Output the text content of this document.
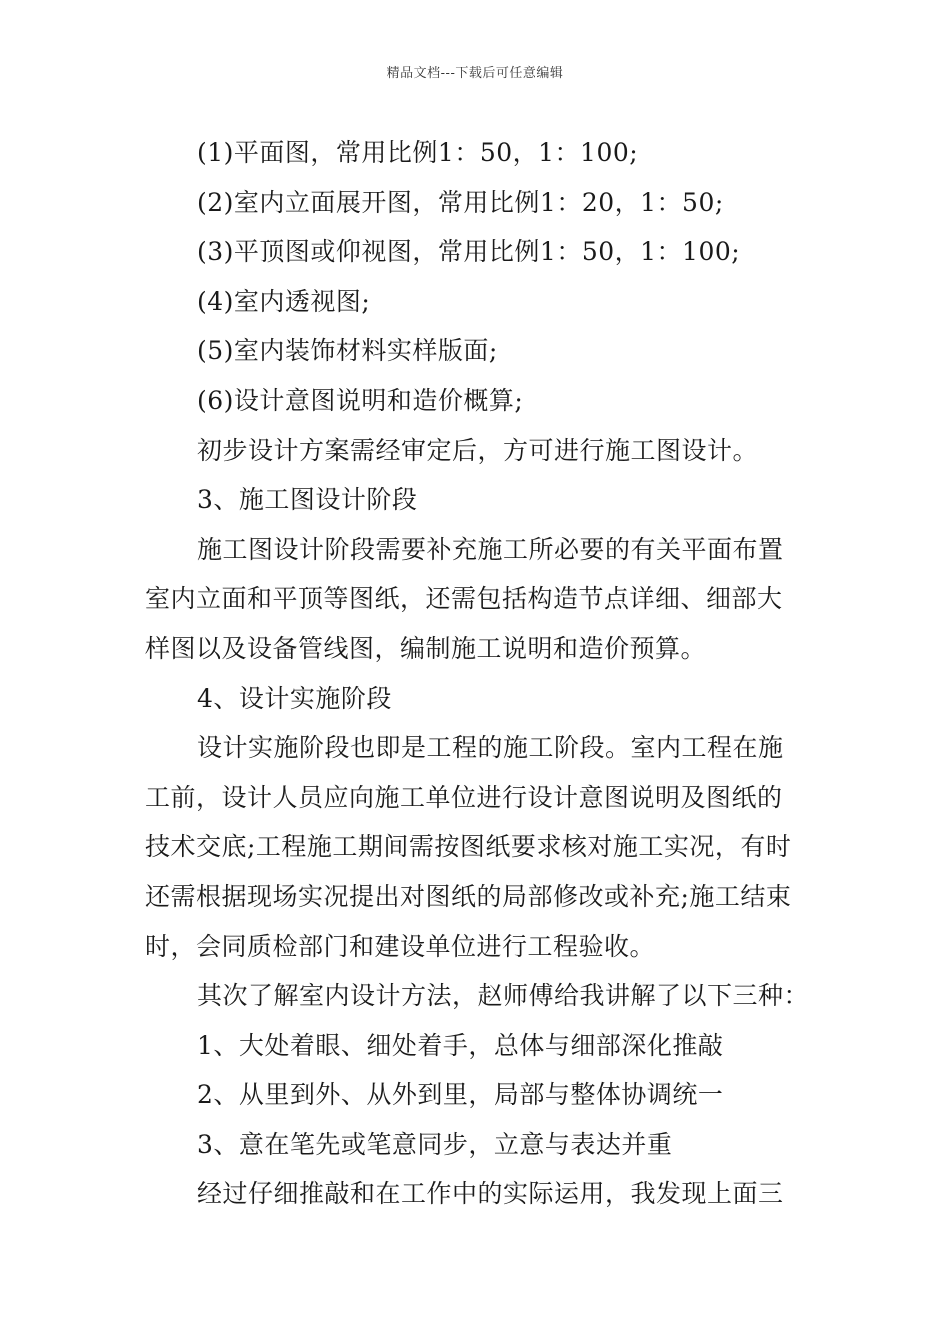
精品文档---下载后可任意编辑
(1)平面图，常用比例1：50，1：100;
(2)室内立面展开图，常用比例1：20，1：50;
(3)平顶图或仰视图，常用比例1：50，1：100;
(4)室内透视图;
(5)室内装饰材料实样版面;
(6)设计意图说明和造价概算;
初步设计方案需经审定后，方可进行施工图设计。
3、施工图设计阶段
施工图设计阶段需要补充施工所必要的有关平面布置
室内立面和平顶等图纸，还需包括构造节点详细、细部大
样图以及设备管线图，编制施工说明和造价预算。
4、设计实施阶段
设计实施阶段也即是工程的施工阶段。室内工程在施
工前，设计人员应向施工单位进行设计意图说明及图纸的
技术交底;工程施工期间需按图纸要求核对施工实况，有时
还需根据现场实况提出对图纸的局部修改或补充;施工结束
时，会同质检部门和建设单位进行工程验收。
其次了解室内设计方法，赵师傅给我讲解了以下三种：
1、大处着眼、细处着手，总体与细部深化推敲
2、从里到外、从外到里，局部与整体协调统一
3、意在笔先或笔意同步，立意与表达并重
经过仔细推敲和在工作中的实际运用，我发现上面三
